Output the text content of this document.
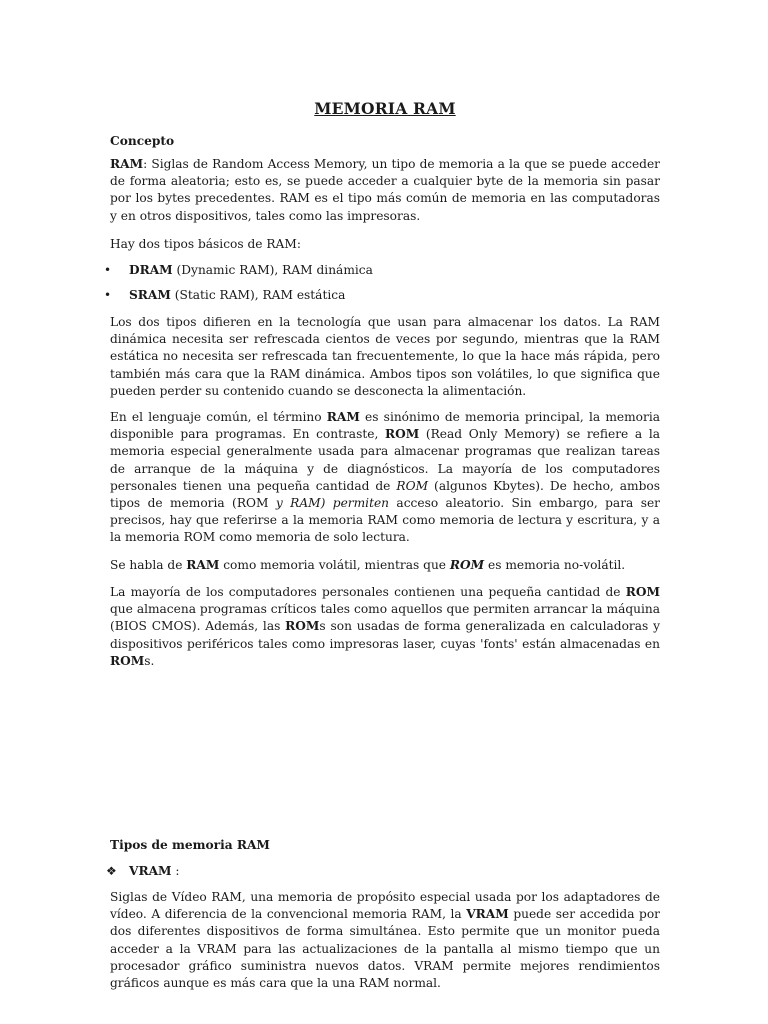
MEMORIA RAM
Concepto

RAM: Siglas de Random Access Memory, un tipo de memoria a la que se puede acceder de forma aleatoria; esto es, se puede acceder a cualquier byte de la memoria sin pasar por los bytes precedentes. RAM es el tipo más común de memoria en las computadoras y en otros dispositivos, tales como las impresoras.

Hay dos tipos básicos de RAM:

• DRAM (Dynamic RAM), RAM dinámica
• SRAM (Static RAM), RAM estática

Los dos tipos difieren en la tecnología que usan para almacenar los datos. La RAM dinámica necesita ser refrescada cientos de veces por segundo, mientras que la RAM estática no necesita ser refrescada tan frecuentemente, lo que la hace más rápida, pero también más cara que la RAM dinámica. Ambos tipos son volátiles, lo que significa que pueden perder su contenido cuando se desconecta la alimentación.

En el lenguaje común, el término RAM es sinónimo de memoria principal, la memoria disponible para programas. En contraste, ROM (Read Only Memory) se refiere a la memoria especial generalmente usada para almacenar programas que realizan tareas de arranque de la máquina y de diagnósticos. La mayoría de los computadores personales tienen una pequeña cantidad de ROM (algunos Kbytes). De hecho, ambos tipos de memoria (ROM y RAM) permiten acceso aleatorio. Sin embargo, para ser precisos, hay que referirse a la memoria RAM como memoria de lectura y escritura, y a la memoria ROM como memoria de solo lectura.

Se habla de RAM como memoria volátil, mientras que ROM es memoria no-volátil.

La mayoría de los computadores personales contienen una pequeña cantidad de ROM que almacena programas críticos tales como aquellos que permiten arrancar la máquina (BIOS CMOS). Además, las ROMs son usadas de forma generalizada en calculadoras y dispositivos periféricos tales como impresoras laser, cuyas 'fonts' están almacenadas en ROMs.

Tipos de memoria RAM
❖ VRAM :

Siglas de Vídeo RAM, una memoria de propósito especial usada por los adaptadores de vídeo. A diferencia de la convencional memoria RAM, la VRAM puede ser accedida por dos diferentes dispositivos de forma simultánea. Esto permite que un monitor pueda acceder a la VRAM para las actualizaciones de la pantalla al mismo tiempo que un procesador gráfico suministra nuevos datos. VRAM permite mejores rendimientos gráficos aunque es más cara que la una RAM normal.
